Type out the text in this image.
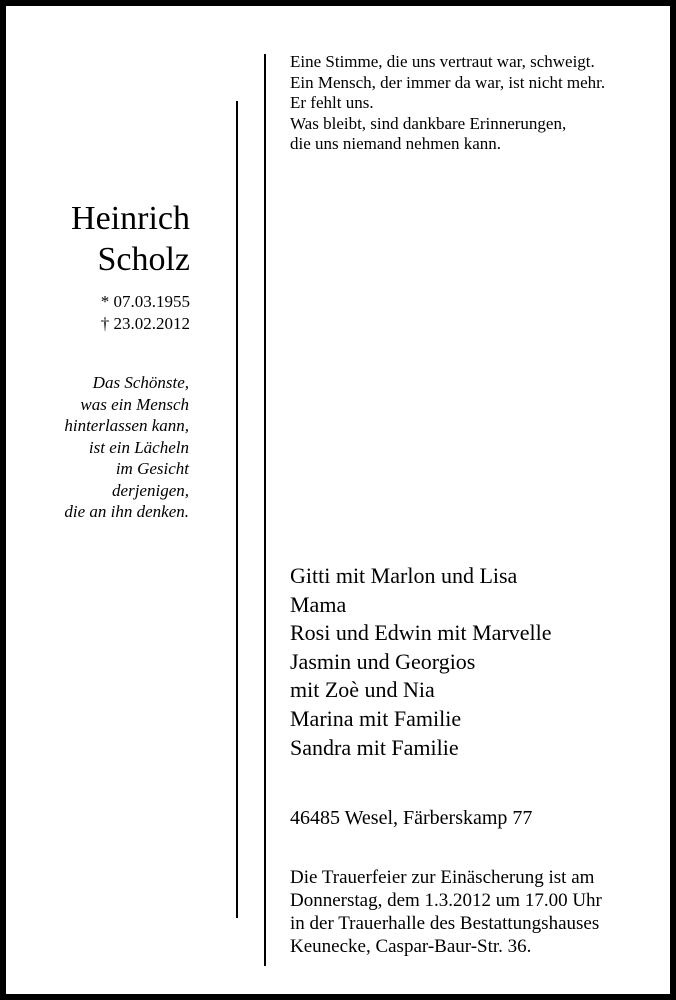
Eine Stimme, die uns vertraut war, schweigt.
Ein Mensch, der immer da war, ist nicht mehr.
Er fehlt uns.
Was bleibt, sind dankbare Erinnerungen,
die uns niemand nehmen kann.
Heinrich
Scholz
* 07.03.1955
† 23.02.2012
Das Schönste,
was ein Mensch
hinterlassen kann,
ist ein Lächeln
im Gesicht
derjenigen,
die an ihn denken.
Gitti mit Marlon und Lisa
Mama
Rosi und Edwin mit Marvelle
Jasmin und Georgios
mit Zoè und Nia
Marina mit Familie
Sandra mit Familie
46485 Wesel, Färberskamp 77
Die Trauerfeier zur Einäscherung ist am
Donnerstag, dem 1.3.2012 um 17.00 Uhr
in der Trauerhalle des Bestattungshauses
Keunecke, Caspar-Baur-Str. 36.
